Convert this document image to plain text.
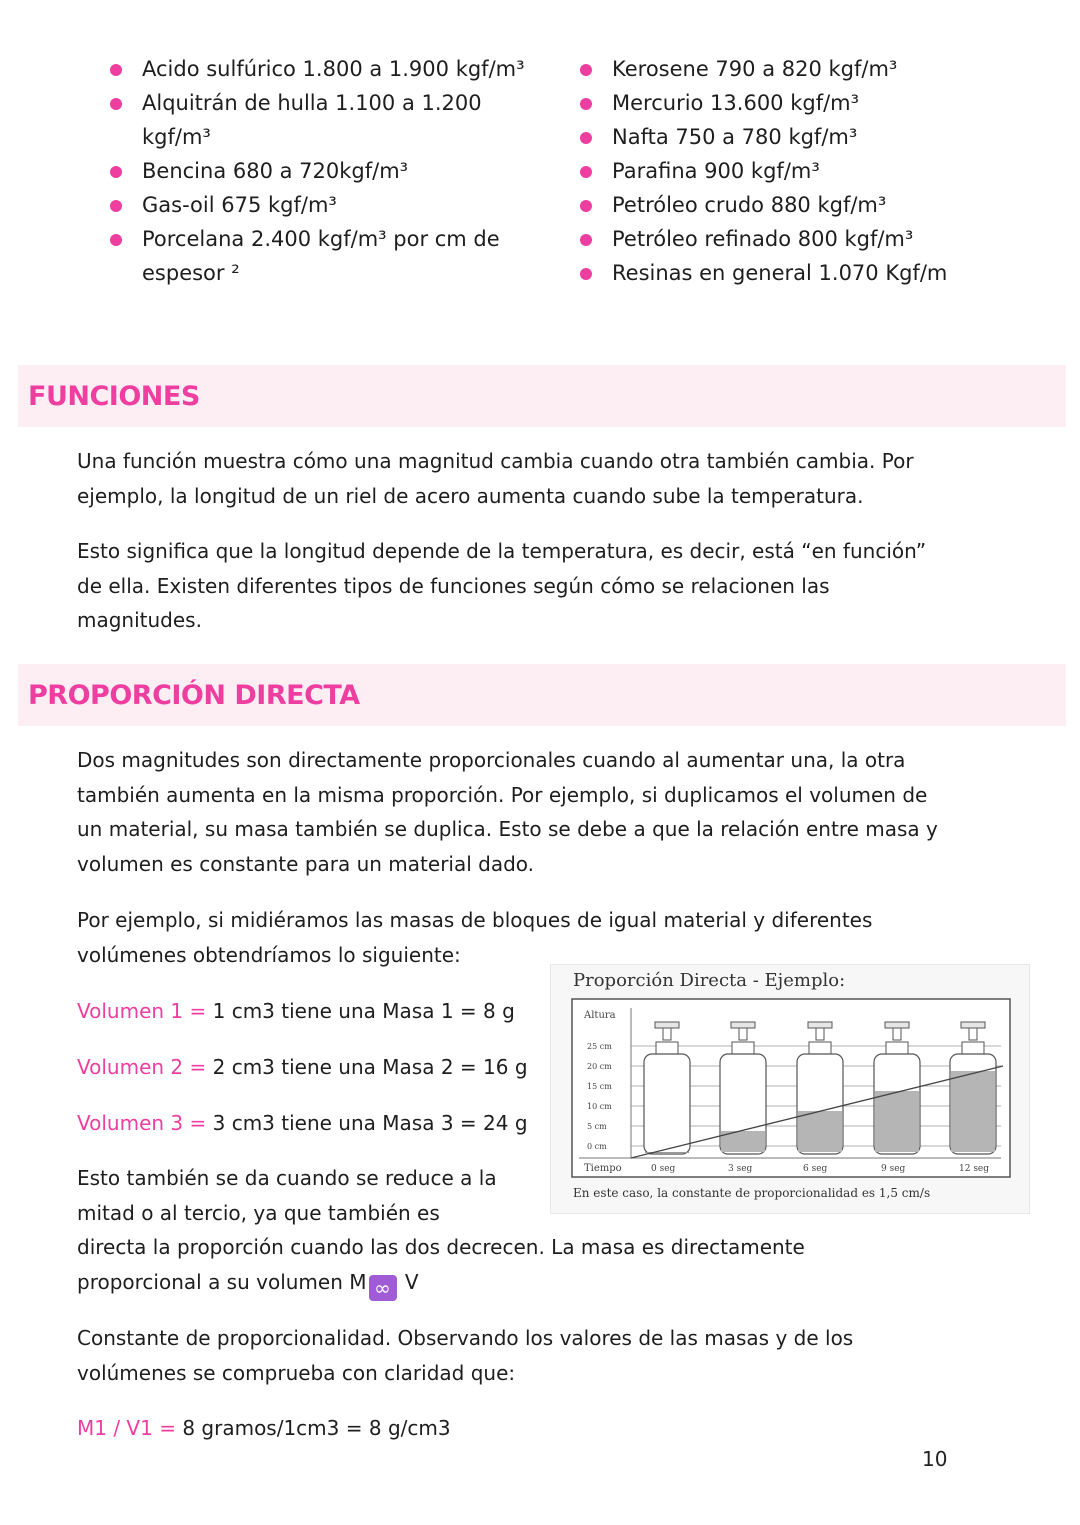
Acido sulfúrico 1.800 a 1.900 kgf/m³
Alquitrán de hulla 1.100 a 1.200 kgf/m³
Bencina 680 a 720kgf/m³
Gas-oil 675 kgf/m³
Porcelana 2.400 kgf/m³ por cm de espesor ²
Kerosene 790 a 820 kgf/m³
Mercurio 13.600 kgf/m³
Nafta 750 a 780 kgf/m³
Parafina 900 kgf/m³
Petróleo crudo 880 kgf/m³
Petróleo refinado 800 kgf/m³
Resinas en general 1.070 Kgf/m
FUNCIONES

Una función muestra cómo una magnitud cambia cuando otra también cambia. Por ejemplo, la longitud de un riel de acero aumenta cuando sube la temperatura.

Esto significa que la longitud depende de la temperatura, es decir, está “en función” de ella. Existen diferentes tipos de funciones según cómo se relacionen las magnitudes.

PROPORCIÓN DIRECTA

Dos magnitudes son directamente proporcionales cuando al aumentar una, la otra también aumenta en la misma proporción. Por ejemplo, si duplicamos el volumen de un material, su masa también se duplica. Esto se debe a que la relación entre masa y volumen es constante para un material dado.

Por ejemplo, si midiéramos las masas de bloques de igual material y diferentes volúmenes obtendríamos lo siguiente:

Volumen 1 = 1 cm3 tiene una Masa 1 = 8 g

Volumen 2 = 2 cm3 tiene una Masa 2 = 16 g

Volumen 3 = 3 cm3 tiene una Masa 3 = 24 g

Esto también se da cuando se reduce a la
mitad o al tercio, ya que también es
directa la proporción cuando las dos decrecen. La masa es directamente
proporcional a su volumen M ∞ V

Constante de proporcionalidad. Observando los valores de las masas y de los volúmenes se comprueba con claridad que:

M1 / V1 = 8 gramos/1cm3 = 8 g/cm3

Proporción Directa - Ejemplo:

Altura
25 cm
20 cm
15 cm
10 cm
5 cm
0 cm
Tiempo	0 seg	3 seg	6 seg	9 seg	12 seg

En este caso, la constante de proporcionalidad es 1,5 cm/s

10
